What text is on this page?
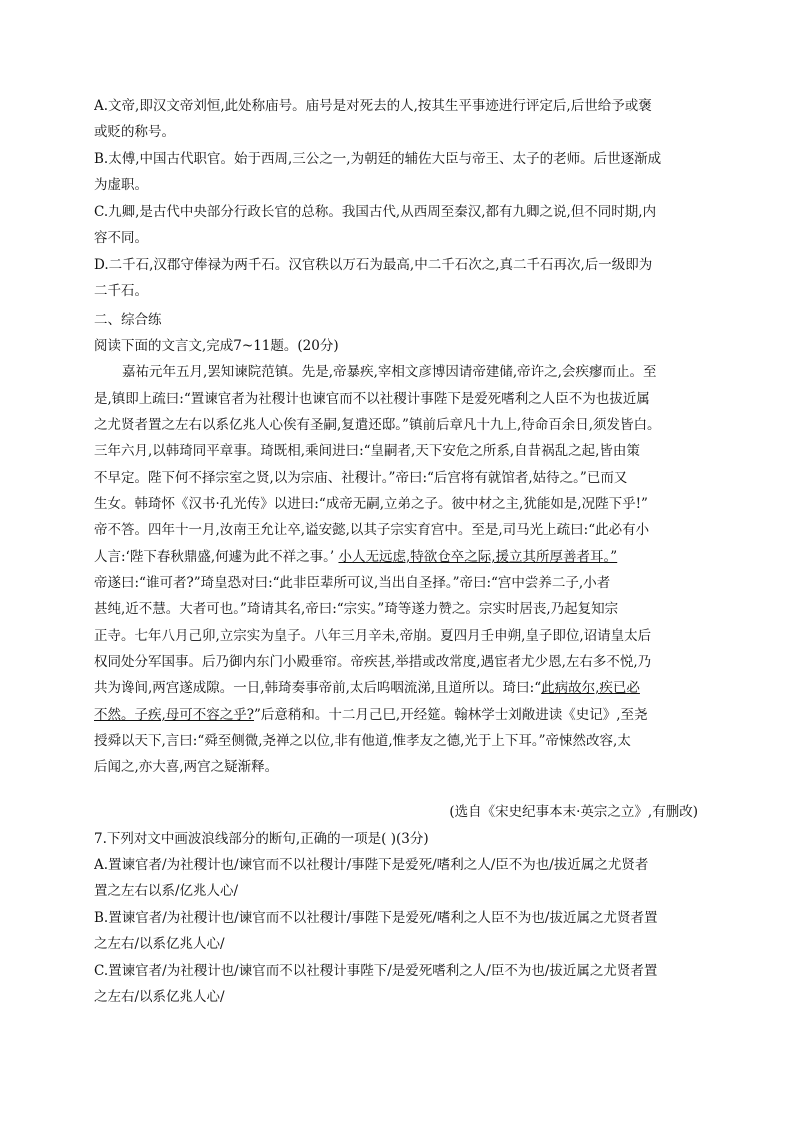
A.文帝,即汉文帝刘恒,此处称庙号。庙号是对死去的人,按其生平事迹进行评定后,后世给予或褒
或贬的称号。
B.太傅,中国古代职官。始于西周,三公之一,为朝廷的辅佐大臣与帝王、太子的老师。后世逐渐成
为虚职。
C.九卿,是古代中央部分行政长官的总称。我国古代,从西周至秦汉,都有九卿之说,但不同时期,内
容不同。
D.二千石,汉郡守俸禄为两千石。汉官秩以万石为最高,中二千石次之,真二千石再次,后一级即为
二千石。
二、综合练
阅读下面的文言文,完成7~11题。(20分)
嘉祐元年五月,罢知谏院范镇。先是,帝暴疾,宰相文彦博因请帝建储,帝许之,会疾瘳而止。至
是,镇即上疏曰:“置谏官者为社稷计也谏官而不以社稷计事陛下是爱死嗜利之人臣不为也拔近属
之尤贤者置之左右以系亿兆人心俟有圣嗣,复遣还邸。”镇前后章凡十九上,待命百余日,须发皆白。
三年六月,以韩琦同平章事。琦既相,乘间进曰:“皇嗣者,天下安危之所系,自昔祸乱之起,皆由策
不早定。陛下何不择宗室之贤,以为宗庙、社稷计。”帝曰:“后宫将有就馆者,姑待之。”已而又
生女。韩琦怀《汉书·孔光传》以进曰:“成帝无嗣,立弟之子。彼中材之主,犹能如是,况陛下乎!”
帝不答。四年十一月,汝南王允让卒,谥安懿,以其子宗实育宫中。至是,司马光上疏曰:“此必有小
人言:‘陛下春秋鼎盛,何遽为此不祥之事。’ 小人无远虑,特欲仓卒之际,援立其所厚善者耳。”
帝遂曰:“谁可者?”琦皇恐对曰:“此非臣辈所可议,当出自圣择。”帝曰:“宫中尝养二子,小者
甚纯,近不慧。大者可也。”琦请其名,帝曰:“宗实。”琦等遂力赞之。宗实时居丧,乃起复知宗
正寺。七年八月己卯,立宗实为皇子。八年三月辛未,帝崩。夏四月壬申朔,皇子即位,诏请皇太后
权同处分军国事。后乃御内东门小殿垂帘。帝疾甚,举措或改常度,遇宦者尤少恩,左右多不悦,乃
共为谗间,两宫遂成隙。一日,韩琦奏事帝前,太后呜咽流涕,且道所以。琦曰:“此病故尔,疾已必
不然。子疾,母可不容之乎?”后意稍和。十二月己巳,开经筵。翰林学士刘敞进读《史记》,至尧
授舜以天下,言曰:“舜至侧微,尧禅之以位,非有他道,惟孝友之德,光于上下耳。”帝悚然改容,太
后闻之,亦大喜,两宫之疑渐释。
(选自《宋史纪事本末·英宗之立》,有删改)
7.下列对文中画波浪线部分的断句,正确的一项是( )(3分)
A.置谏官者/为社稷计也/谏官而不以社稷计/事陛下是爱死/嗜利之人/臣不为也/拔近属之尤贤者
置之左右以系/亿兆人心/
B.置谏官者/为社稷计也/谏官而不以社稷计/事陛下是爱死/嗜利之人臣不为也/拔近属之尤贤者置
之左右/以系亿兆人心/
C.置谏官者/为社稷计也/谏官而不以社稷计事陛下/是爱死嗜利之人/臣不为也/拔近属之尤贤者置
之左右/以系亿兆人心/
